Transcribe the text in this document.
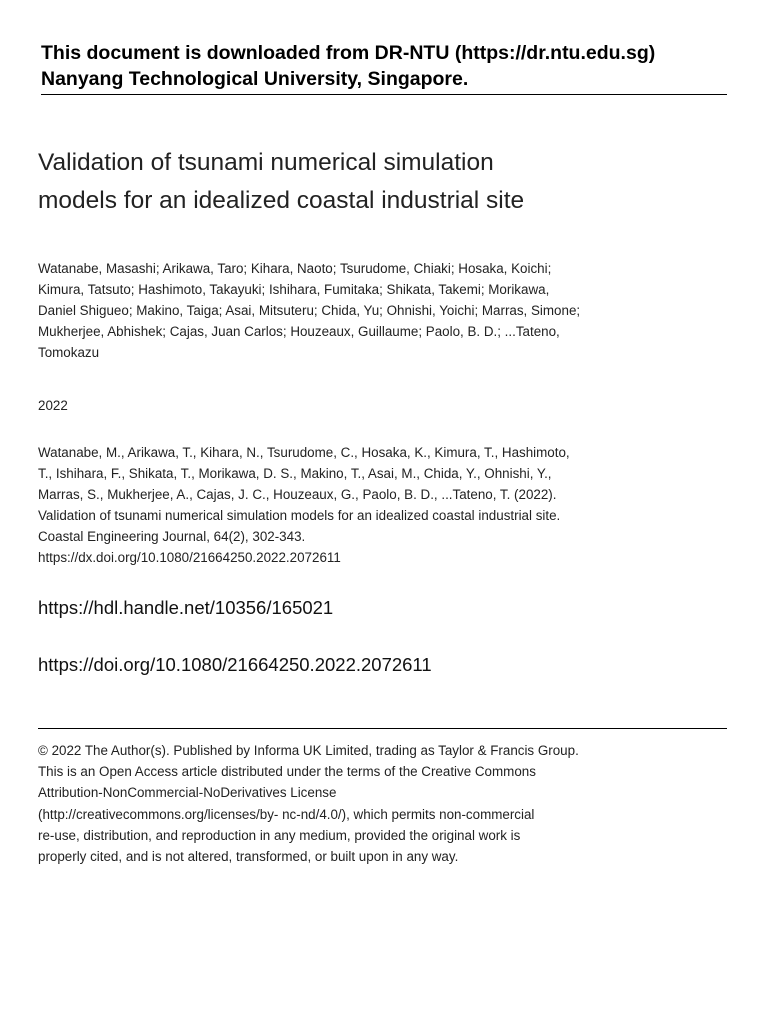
This document is downloaded from DR-NTU (https://dr.ntu.edu.sg)
Nanyang Technological University, Singapore.
Validation of tsunami numerical simulation
models for an idealized coastal industrial site
Watanabe, Masashi; Arikawa, Taro; Kihara, Naoto; Tsurudome, Chiaki; Hosaka, Koichi;
Kimura, Tatsuto; Hashimoto, Takayuki; Ishihara, Fumitaka; Shikata, Takemi; Morikawa,
Daniel Shigueo; Makino, Taiga; Asai, Mitsuteru; Chida, Yu; Ohnishi, Yoichi; Marras, Simone;
Mukherjee, Abhishek; Cajas, Juan Carlos; Houzeaux, Guillaume; Paolo, B. D.; ...Tateno,
Tomokazu
2022
Watanabe, M., Arikawa, T., Kihara, N., Tsurudome, C., Hosaka, K., Kimura, T., Hashimoto,
T., Ishihara, F., Shikata, T., Morikawa, D. S., Makino, T., Asai, M., Chida, Y., Ohnishi, Y.,
Marras, S., Mukherjee, A., Cajas, J. C., Houzeaux, G., Paolo, B. D., ...Tateno, T. (2022).
Validation of tsunami numerical simulation models for an idealized coastal industrial site.
Coastal Engineering Journal, 64(2), 302-343.
https://dx.doi.org/10.1080/21664250.2022.2072611
https://hdl.handle.net/10356/165021
https://doi.org/10.1080/21664250.2022.2072611
© 2022 The Author(s). Published by Informa UK Limited, trading as Taylor & Francis Group.
This is an Open Access article distributed under the terms of the Creative Commons
Attribution-NonCommercial-NoDerivatives License
(http://creativecommons.org/licenses/by- nc-nd/4.0/), which permits non-commercial
re-use, distribution, and reproduction in any medium, provided the original work is
properly cited, and is not altered, transformed, or built upon in any way.
